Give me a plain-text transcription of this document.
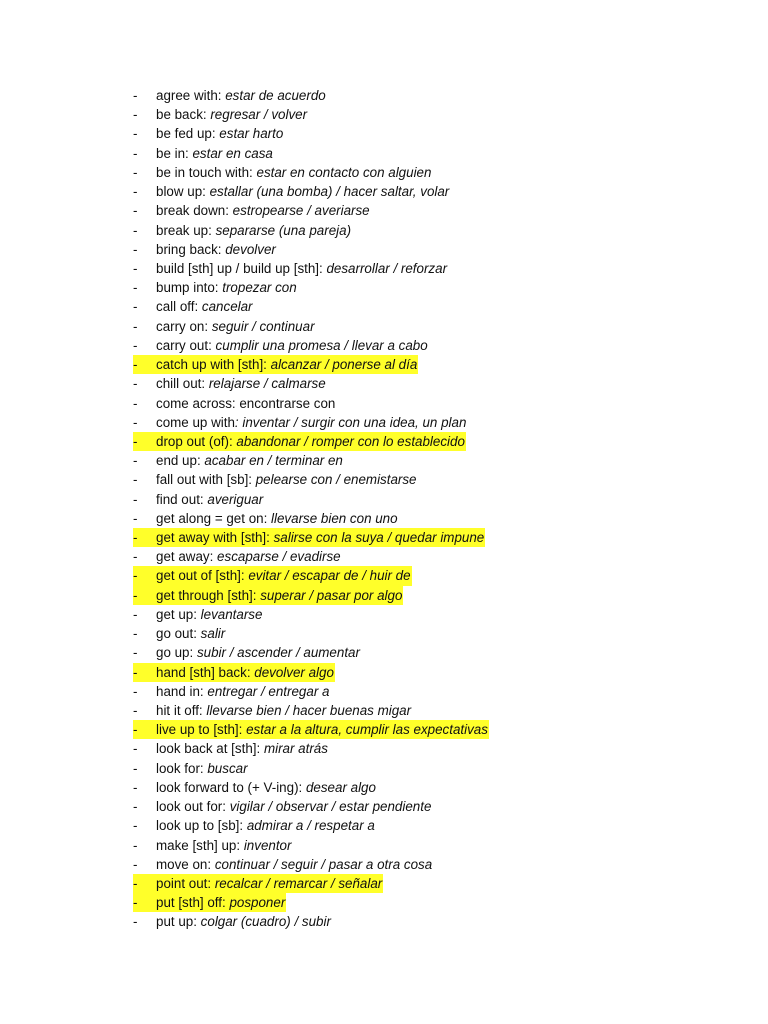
-	agree with: estar de acuerdo
-	be back: regresar / volver
-	be fed up: estar harto
-	be in: estar en casa
-	be in touch with: estar en contacto con alguien
-	blow up: estallar (una bomba) / hacer saltar, volar
-	break down: estropearse / averiarse
-	break up: separarse (una pareja)
-	bring back: devolver
-	build [sth] up / build up [sth]: desarrollar / reforzar
-	bump into: tropezar con
-	call off: cancelar
-	carry on: seguir / continuar
-	carry out: cumplir una promesa / llevar a cabo
-	catch up with [sth]: alcanzar / ponerse al día
-	chill out: relajarse / calmarse
-	come across: encontrarse con
-	come up with: inventar / surgir con una idea, un plan
-	drop out (of): abandonar / romper con lo establecido
-	end up: acabar en / terminar en
-	fall out with [sb]: pelearse con / enemistarse
-	find out: averiguar
-	get along = get on: llevarse bien con uno
-	get away with [sth]: salirse con la suya / quedar impune
-	get away: escaparse / evadirse
-	get out of [sth]: evitar / escapar de / huir de
-	get through [sth]: superar / pasar por algo
-	get up: levantarse
-	go out: salir
-	go up: subir / ascender / aumentar
-	hand [sth] back: devolver algo
-	hand in: entregar / entregar a
-	hit it off: llevarse bien / hacer buenas migar
-	live up to [sth]: estar a la altura, cumplir las expectativas
-	look back at [sth]: mirar atrás
-	look for: buscar
-	look forward to (+ V-ing): desear algo
-	look out for: vigilar / observar / estar pendiente
-	look up to [sb]: admirar a / respetar a
-	make [sth] up: inventor
-	move on: continuar / seguir / pasar a otra cosa
-	point out: recalcar / remarcar / señalar
-	put [sth] off: posponer
-	put up: colgar (cuadro) / subir
